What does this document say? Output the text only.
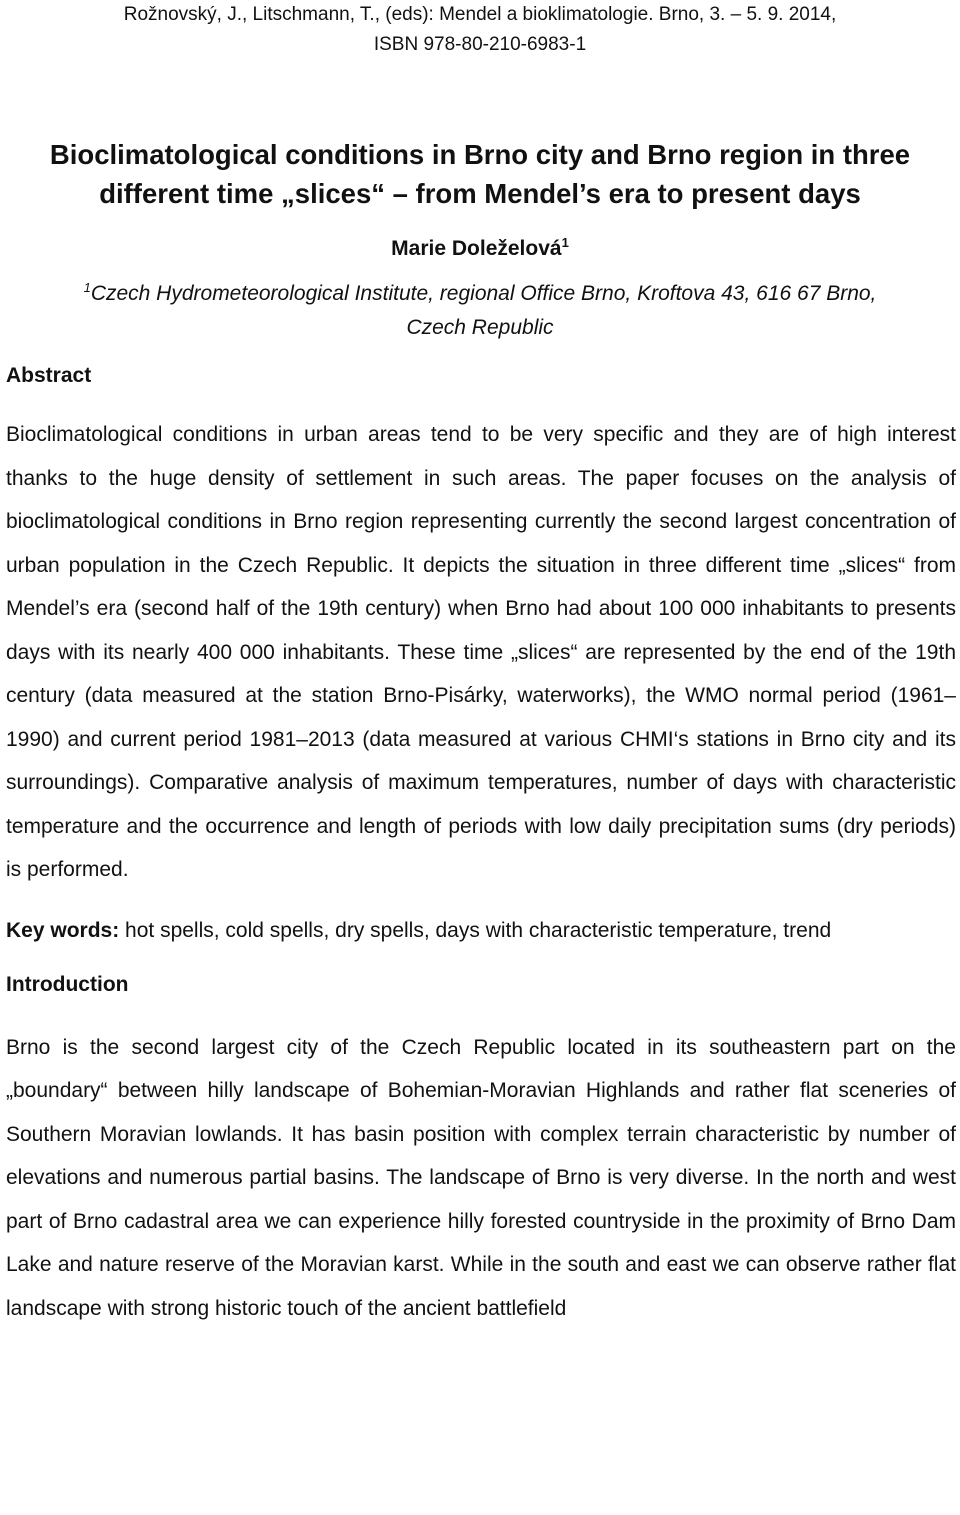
Rožnovský, J., Litschmann, T., (eds): Mendel a bioklimatologie. Brno, 3. – 5. 9. 2014,
ISBN 978-80-210-6983-1
Bioclimatological conditions in Brno city and Brno region in three
different time „slices“ – from Mendel’s era to present days
Marie Doleželová$^1$
$^1$Czech Hydrometeorological Institute, regional Office Brno, Kroftova 43, 616 67 Brno,
Czech Republic
Abstract
Bioclimatological conditions in urban areas tend to be very specific and they are of high interest thanks to the huge density of settlement in such areas. The paper focuses on the analysis of bioclimatological conditions in Brno region representing currently the second largest concentration of urban population in the Czech Republic. It depicts the situation in three different time „slices“ from Mendel’s era (second half of the 19th century) when Brno had about 100 000 inhabitants to presents days with its nearly 400 000 inhabitants. These time „slices“ are represented by the end of the 19th century (data measured at the station Brno-Pisárky, waterworks), the WMO normal period (1961–1990) and current period 1981–2013 (data measured at various CHMI‘s stations in Brno city and its surroundings). Comparative analysis of maximum temperatures, number of days with characteristic temperature and the occurrence and length of periods with low daily precipitation sums (dry periods) is performed.
Key words: hot spells, cold spells, dry spells, days with characteristic temperature, trend
Introduction
Brno is the second largest city of the Czech Republic located in its southeastern part on the „boundary“ between hilly landscape of Bohemian-Moravian Highlands and rather flat sceneries of Southern Moravian lowlands. It has basin position with complex terrain characteristic by number of elevations and numerous partial basins. The landscape of Brno is very diverse. In the north and west part of Brno cadastral area we can experience hilly forested countryside in the proximity of Brno Dam Lake and nature reserve of the Moravian karst. While in the south and east we can observe rather flat landscape with strong historic touch of the ancient battlefield
